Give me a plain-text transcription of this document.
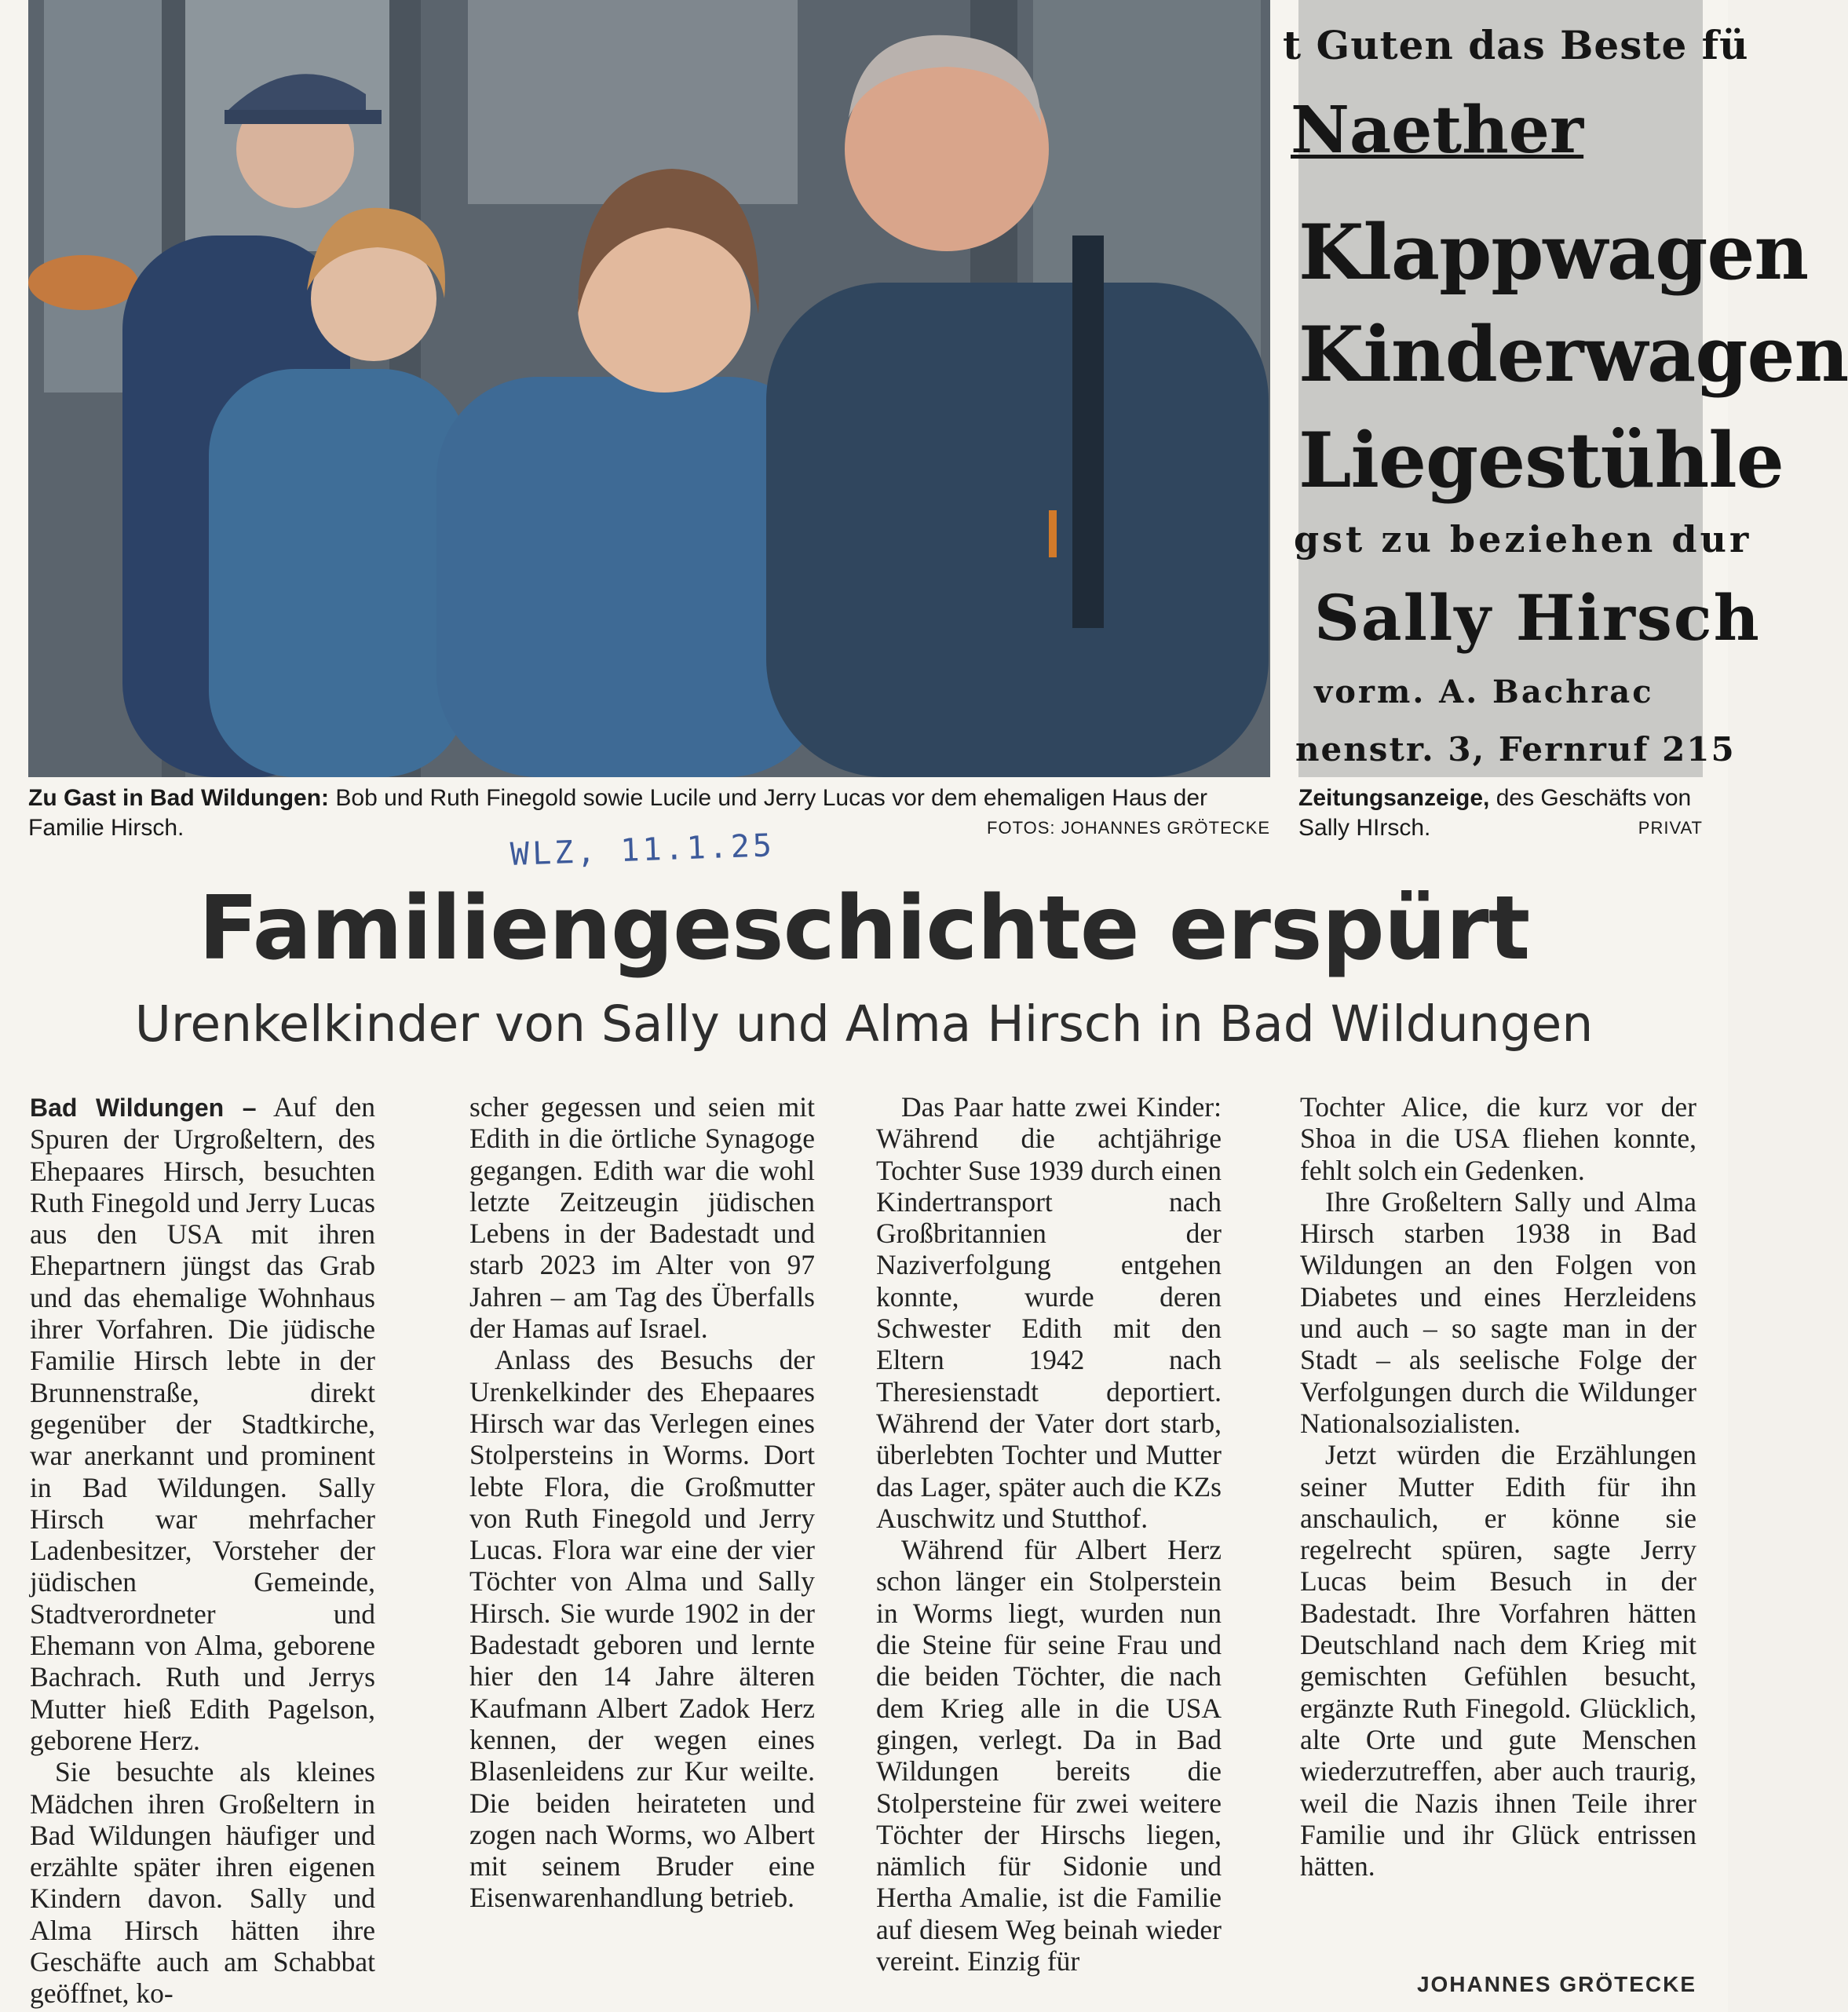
t Guten das Beste fü
Naether
Klappwagen
Kinderwagen
Liegestühle
gst zu beziehen dur
Sally Hirsch
vorm. A. Bachrac
nenstr. 3, Fernruf 215
Zu Gast in Bad Wildungen: Bob und Ruth Finegold sowie Lucile und Jerry Lucas vor dem ehemaligen Haus der Familie Hirsch.	FOTOS: JOHANNES GRÖTECKE
Zeitungsanzeige, des Geschäfts von Sally HIrsch.	PRIVAT
WLZ, 11.1.25
Familiengeschichte erspürt
Urenkelkinder von Sally und Alma Hirsch in Bad Wildungen

Bad Wildungen – Auf den Spuren der Urgroßeltern, des Ehepaares Hirsch, besuchten Ruth Finegold und Jerry Lucas aus den USA mit ihren Ehepartnern jüngst das Grab und das ehemalige Wohnhaus ihrer Vorfahren. Die jüdische Familie Hirsch lebte in der Brunnenstraße, direkt gegenüber der Stadtkirche, war anerkannt und prominent in Bad Wildungen. Sally Hirsch war mehrfacher Ladenbesitzer, Vorsteher der jüdischen Gemeinde, Stadtverordneter und Ehemann von Alma, geborene Bachrach. Ruth und Jerrys Mutter hieß Edith Pagelson, geborene Herz.

Sie besuchte als kleines Mädchen ihren Großeltern in Bad Wildungen häufiger und erzählte später ihren eigenen Kindern davon. Sally und Alma Hirsch hätten ihre Geschäfte auch am Schabbat geöffnet, ko-

scher gegessen und seien mit Edith in die örtliche Synagoge gegangen. Edith war die wohl letzte Zeitzeugin jüdischen Lebens in der Badestadt und starb 2023 im Alter von 97 Jahren – am Tag des Überfalls der Hamas auf Israel.

Anlass des Besuchs der Urenkelkinder des Ehepaares Hirsch war das Verlegen eines Stolpersteins in Worms. Dort lebte Flora, die Großmutter von Ruth Finegold und Jerry Lucas. Flora war eine der vier Töchter von Alma und Sally Hirsch. Sie wurde 1902 in der Badestadt geboren und lernte hier den 14 Jahre älteren Kaufmann Albert Zadok Herz kennen, der wegen eines Blasenleidens zur Kur weilte. Die beiden heirateten und zogen nach Worms, wo Albert mit seinem Bruder eine Eisenwarenhandlung betrieb.

Das Paar hatte zwei Kinder: Während die achtjährige Tochter Suse 1939 durch einen Kindertransport nach Großbritannien der Naziverfolgung entgehen konnte, wurde deren Schwester Edith mit den Eltern 1942 nach Theresienstadt deportiert. Während der Vater dort starb, überlebten Tochter und Mutter das Lager, später auch die KZs Auschwitz und Stutthof.

Während für Albert Herz schon länger ein Stolperstein in Worms liegt, wurden nun die Steine für seine Frau und die beiden Töchter, die nach dem Krieg alle in die USA gingen, verlegt. Da in Bad Wildungen bereits die Stolpersteine für zwei weitere Töchter der Hirschs liegen, nämlich für Sidonie und Hertha Amalie, ist die Familie auf diesem Weg beinah wieder vereint. Einzig für

Tochter Alice, die kurz vor der Shoa in die USA fliehen konnte, fehlt solch ein Gedenken.

Ihre Großeltern Sally und Alma Hirsch starben 1938 in Bad Wildungen an den Folgen von Diabetes und eines Herzleidens und auch – so sagte man in der Stadt – als seelische Folge der Verfolgungen durch die Wildunger Nationalsozialisten.

Jetzt würden die Erzählungen seiner Mutter Edith für ihn anschaulich, er könne sie regelrecht spüren, sagte Jerry Lucas beim Besuch in der Badestadt. Ihre Vorfahren hätten Deutschland nach dem Krieg mit gemischten Gefühlen besucht, ergänzte Ruth Finegold. Glücklich, alte Orte und gute Menschen wiederzutreffen, aber auch traurig, weil die Nazis ihnen Teile ihrer Familie und ihr Glück entrissen hätten.

JOHANNES GRÖTECKE
